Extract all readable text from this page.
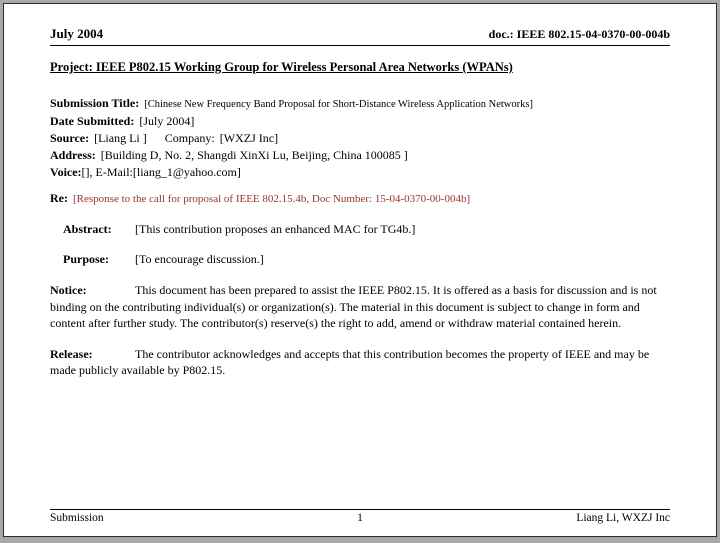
July 2004	doc.: IEEE 802.15-04-0370-00-004b
Project: IEEE P802.15 Working Group for Wireless Personal Area Networks (WPANs)
Submission Title: [Chinese New Frequency Band Proposal for Short-Distance Wireless Application Networks]
Date Submitted: [July 2004]
Source: [Liang Li ] Company: [WXZJ Inc]
Address: [Building D, No. 2, Shangdi XinXi Lu, Beijing, China 100085 ]
Voice:[], E-Mail:[liang_1@yahoo.com]
Re: [Response to the call for proposal of IEEE 802.15.4b, Doc Number: 15-04-0370-00-004b]
Abstract:	[This contribution proposes an enhanced MAC for TG4b.]
Purpose:	[To encourage discussion.]
Notice:	This document has been prepared to assist the IEEE P802.15. It is offered as a basis for discussion and is not binding on the contributing individual(s) or organization(s). The material in this document is subject to change in form and content after further study. The contributor(s) reserve(s) the right to add, amend or withdraw material contained herein.
Release:	The contributor acknowledges and accepts that this contribution becomes the property of IEEE and may be made publicly available by P802.15.
Submission	1	Liang Li, WXZJ Inc
